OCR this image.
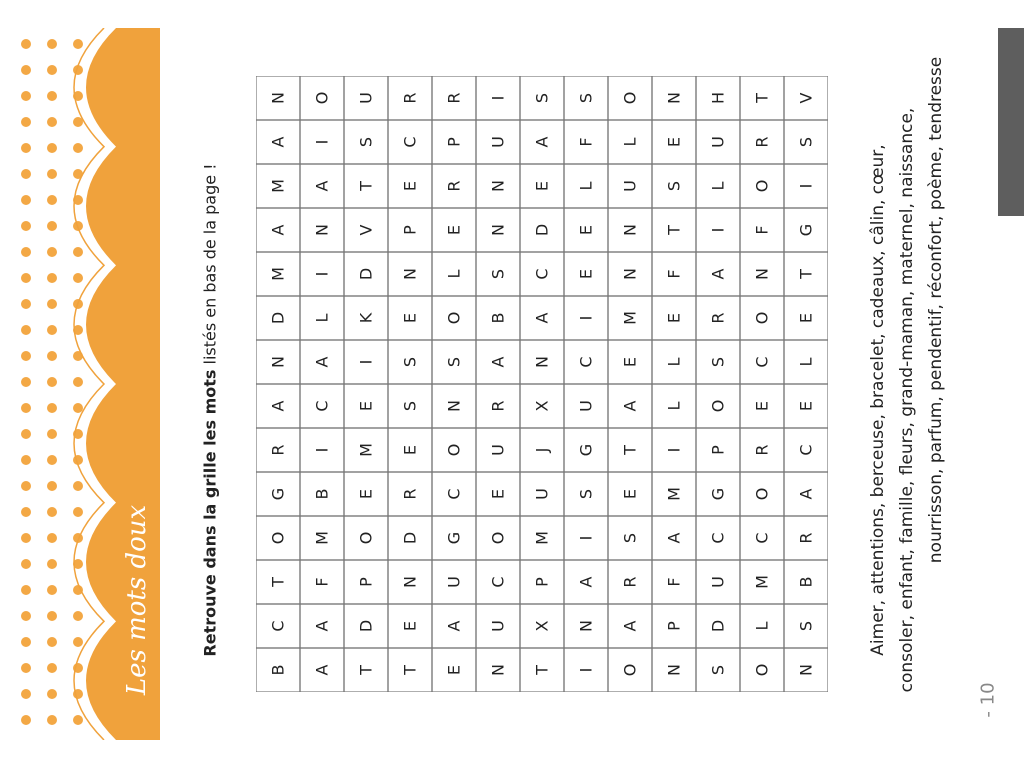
Les mots doux	Retrouve dans la grille les mots listés en bas de la page !
B
C
T
O
G
R
A
N
D
M
A
M
A
N
A
A
F
M
B
I
C
A
L
I
N
A
I
O
T
D
P
O
E
M
E
I
K
D
V
T
S
U
T
E
N
D
R
E
S
S
E
N
P
E
C
R
E
A
U
G
C
O
N
S
O
L
E
R
P
R
N
U
C
O
E
U
R
A
B
S
N
N
U
I
T
X
P
M
U
J
X
N
A
C
D
E
A
S
I
N
A
I
S
G
U
C
I
E
E
L
F
S
O
A
R
S
E
T
A
E
M
N
N
U
L
O
N
P
F
A
M
I
L
L
E
F
T
S
E
N
S
D
U
C
G
P
O
S
R
A
I
L
U
H
O
L
M
C
O
R
E
C
O
N
F
O
R
T
N
S
B
R
A
C
E
L
E
T
G
I
S
V
Aimer, attentions, berceuse, bracelet, cadeaux, câlin, cœur, consoler, enfant, famille, fleurs, grand-maman, maternel, naissance, nourrisson, parfum, pendentif, réconfort, poème, tendresse
- 10
